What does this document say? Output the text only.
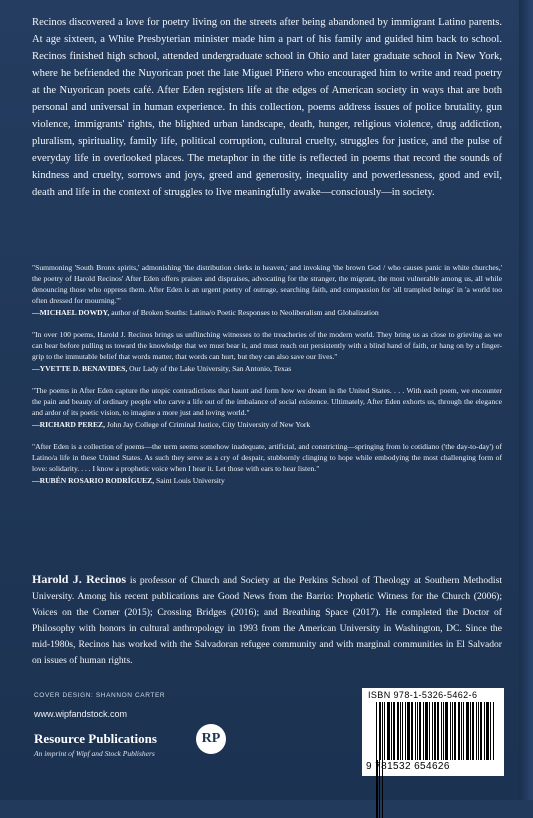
Recinos discovered a love for poetry living on the streets after being abandoned by immigrant Latino parents. At age sixteen, a White Presbyterian minister made him a part of his family and guided him back to school. Recinos finished high school, attended undergraduate school in Ohio and later graduate school in New York, where he befriended the Nuyorican poet the late Miguel Piñero who encouraged him to write and read poetry at the Nuyorican poets café. After Eden registers life at the edges of American society in ways that are both personal and universal in human experience. In this collection, poems address issues of police brutality, gun violence, immigrants' rights, the blighted urban landscape, death, hunger, religious violence, drug addiction, pluralism, spirituality, family life, political corruption, cultural cruelty, struggles for justice, and the pulse of everyday life in overlooked places. The metaphor in the title is reflected in poems that record the sounds of kindness and cruelty, sorrows and joys, greed and generosity, inequality and powerlessness, good and evil, death and life in the context of struggles to live meaningfully awake—consciously—in society.

"Summoning 'South Bronx spirits,' admonishing 'the distribution clerks in heaven,' and invoking 'the brown God / who causes panic in white churches,' the poetry of Harold Recinos' After Eden offers praises and dispraises, advocating for the stranger, the migrant, the most vulnerable among us, all while denouncing those who oppress them. After Eden is an urgent poetry of outrage, searching faith, and compassion for 'all trampled beings' in 'a world too often dressed for mourning.'"

—MICHAEL DOWDY, author of Broken Souths: Latina/o Poetic Responses to Neoliberalism and Globalization

"In over 100 poems, Harold J. Recinos brings us unflinching witnesses to the treacheries of the modern world. They bring us as close to grieving as we can bear before pulling us toward the knowledge that we must bear it, and must reach out persistently with a blind hand of faith, or hang on by a finger-grip to the immutable belief that words matter, that words can hurt, but they can also save our lives."

—YVETTE D. BENAVIDES, Our Lady of the Lake University, San Antonio, Texas

"The poems in After Eden capture the utopic contradictions that haunt and form how we dream in the United States. . . . With each poem, we encounter the pain and beauty of ordinary people who carve a life out of the imbalance of social existence. Ultimately, After Eden exhorts us, through the elegance and ardor of its poetic vision, to imagine a more just and loving world."

—RICHARD PEREZ, John Jay College of Criminal Justice, City University of New York

"After Eden is a collection of poems—the term seems somehow inadequate, artificial, and constricting—springing from lo cotidiano ('the day-to-day') of Latino/a life in these United States. As such they serve as a cry of despair, stubbornly clinging to hope while embodying the most challenging form of love: solidarity. . . . I know a prophetic voice when I hear it. Let those with ears to hear listen."

—RUBÉN ROSARIO RODRÍGUEZ, Saint Louis University

Harold J. Recinos is professor of Church and Society at the Perkins School of Theology at Southern Methodist University. Among his recent publications are Good News from the Barrio: Prophetic Witness for the Church (2006); Voices on the Corner (2015); Crossing Bridges (2016); and Breathing Space (2017). He completed the Doctor of Philosophy with honors in cultural anthropology in 1993 from the American University in Washington, DC. Since the mid-1980s, Recinos has worked with the Salvadoran refugee community and with marginal communities in El Salvador on issues of human rights.

COVER DESIGN: SHANNON CARTER
www.wipfandstock.com
Resource Publications
An imprint of Wipf and Stock Publishers
RP
ISBN 978-1-5326-5462-6
9 781532 654626
